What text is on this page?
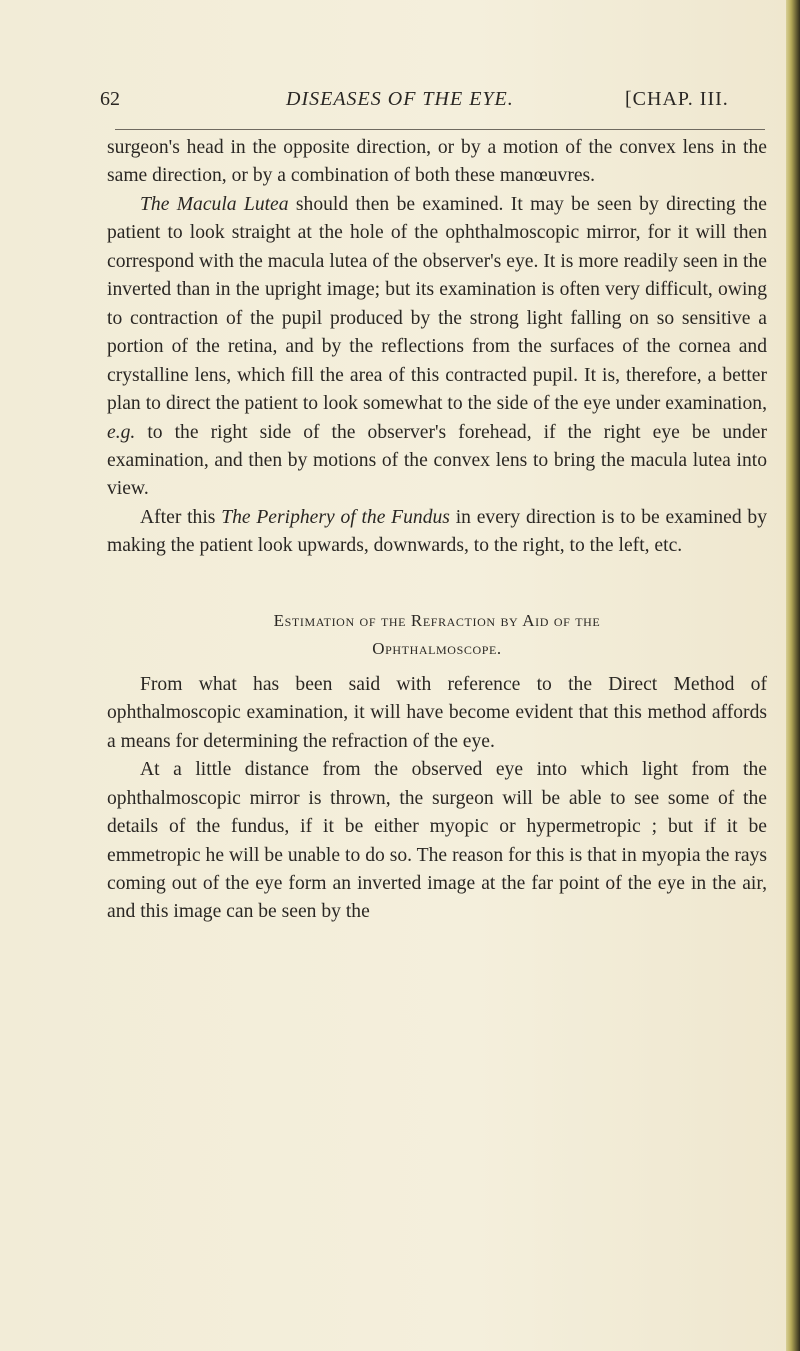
62	DISEASES OF THE EYE.	[CHAP. III.

surgeon's head in the opposite direction, or by a motion of the convex lens in the same direction, or by a combination of both these manœuvres.

The Macula Lutea should then be examined. It may be seen by directing the patient to look straight at the hole of the ophthalmoscopic mirror, for it will then correspond with the macula lutea of the observer's eye. It is more readily seen in the inverted than in the upright image; but its examination is often very difficult, owing to contraction of the pupil produced by the strong light falling on so sensitive a portion of the retina, and by the reflections from the surfaces of the cornea and crystalline lens, which fill the area of this contracted pupil. It is, therefore, a better plan to direct the patient to look somewhat to the side of the eye under examination, e.g. to the right side of the observer's forehead, if the right eye be under examination, and then by motions of the convex lens to bring the macula lutea into view.

After this The Periphery of the Fundus in every direction is to be examined by making the patient look upwards, downwards, to the right, to the left, etc.

Estimation of the Refraction by Aid of the
Ophthalmoscope.

From what has been said with reference to the Direct Method of ophthalmoscopic examination, it will have become evident that this method affords a means for determining the refraction of the eye.

At a little distance from the observed eye into which light from the ophthalmoscopic mirror is thrown, the surgeon will be able to see some of the details of the fundus, if it be either myopic or hypermetropic ; but if it be emmetropic he will be unable to do so. The reason for this is that in myopia the rays coming out of the eye form an inverted image at the far point of the eye in the air, and this image can be seen by the
